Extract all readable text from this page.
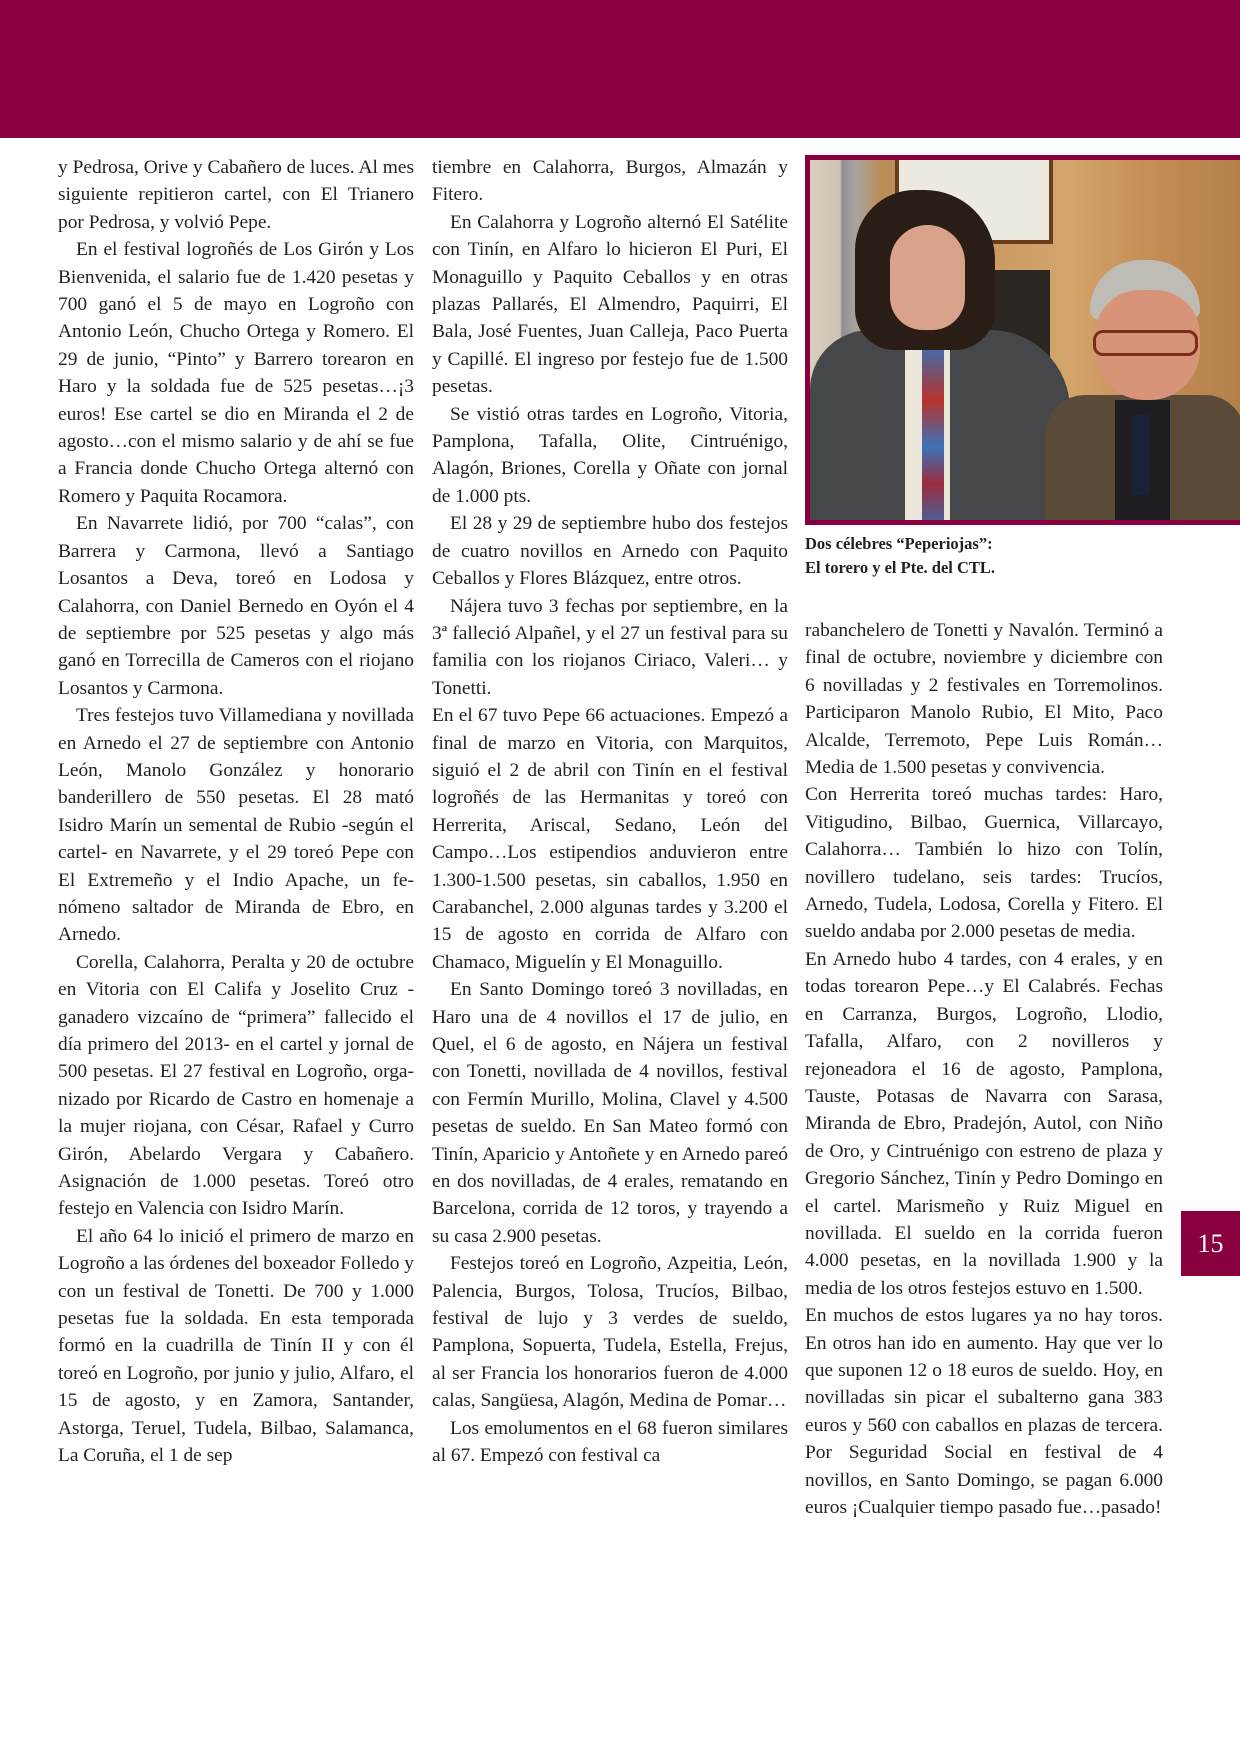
y Pedrosa, Orive y Cabañero de luces. Al mes siguiente repitieron cartel, con El Trianero por Pedrosa, y volvió Pepe.

En el festival logroñés de Los Girón y Los Bienvenida, el salario fue de 1.420 pesetas y 700 ganó el 5 de mayo en Logroño con Antonio León, Chucho Ortega y Romero. El 29 de junio, “Pinto” y Barrero torearon en Haro y la soldada fue de 525 pesetas…¡3 euros! Ese cartel se dio en Miranda el 2 de agosto…con el mismo salario y de ahí se fue a Francia donde Chucho Ortega alternó con Romero y Paquita Rocamora.

En Navarrete lidió, por 700 “calas”, con Barrera y Carmona, llevó a Santiago Losantos a Deva, toreó en Lodosa y Calahorra, con Daniel Bernedo en Oyón el 4 de septiembre por 525 pesetas y algo más ganó en Torrecilla de Cameros con el riojano Losantos y Carmona.

Tres festejos tuvo Villamediana y novillada en Arnedo el 27 de septiembre con Antonio León, Manolo González y honorario banderillero de 550 pesetas. El 28 mató Isidro Marín un semental de Rubio -según el cartel- en Navarrete, y el 29 toreó Pepe con El Extremeño y el Indio Apache, un fenómeno saltador de Miranda de Ebro, en Arnedo.

Corella, Calahorra, Peralta y 20 de octubre en Vitoria con El Califa y Joselito Cruz -ganadero vizcaíno de “primera” fallecido el día primero del 2013- en el cartel y jornal de 500 pesetas. El 27 festival en Logroño, organizado por Ricardo de Castro en homenaje a la mujer riojana, con César, Rafael y Curro Girón, Abelardo Vergara y Cabañero. Asignación de 1.000 pesetas. Toreó otro festejo en Valencia con Isidro Marín.

El año 64 lo inició el primero de marzo en Logroño a las órdenes del boxeador Folledo y con un festival de Tonetti. De 700 y 1.000 pesetas fue la soldada. En esta temporada formó en la cuadrilla de Tinín II y con él toreó en Logroño, por junio y julio, Alfaro, el 15 de agosto, y en Zamora, Santander, Astorga, Teruel, Tudela, Bilbao, Salamanca, La Coruña, el 1 de sep

tiembre en Calahorra, Burgos, Almazán y Fitero.

En Calahorra y Logroño alternó El Satélite con Tinín, en Alfaro lo hicieron El Puri, El Monaguillo y Paquito Ceballos y en otras plazas Pallarés, El Almendro, Paquirri, El Bala, José Fuentes, Juan Calleja, Paco Puerta y Capillé. El ingreso por festejo fue de 1.500 pesetas.

Se vistió otras tardes en Logroño, Vitoria, Pamplona, Tafalla, Olite, Cintruénigo, Alagón, Briones, Corella y Oñate con jornal de 1.000 pts.

El 28 y 29 de septiembre hubo dos festejos de cuatro novillos en Arnedo con Paquito Ceballos y Flores Blázquez, entre otros.

Nájera tuvo 3 fechas por septiembre, en la 3ª falleció Alpañel, y el 27 un festival para su familia con los riojanos Ciriaco, Valeri… y Tonetti.

En el 67 tuvo Pepe 66 actuaciones. Empezó a final de marzo en Vitoria, con Marquitos, siguió el 2 de abril con Tinín en el festival logroñés de las Hermanitas y toreó con Herrerita, Ariscal, Sedano, León del Campo…Los estipendios anduvieron entre 1.300-1.500 pesetas, sin caballos, 1.950 en Carabanchel, 2.000 algunas tardes y 3.200 el 15 de agosto en corrida de Alfaro con Chamaco, Miguelín y El Monaguillo.

En Santo Domingo toreó 3 novilladas, en Haro una de 4 novillos el 17 de julio, en Quel, el 6 de agosto, en Nájera un festival con Tonetti, novillada de 4 novillos, festival con Fermín Murillo, Molina, Clavel y 4.500 pesetas de sueldo. En San Mateo formó con Tinín, Aparicio y Antoñete y en Arnedo pareó en dos novilladas, de 4 erales, rematando en Barcelona, corrida de 12 toros, y trayendo a su casa 2.900 pesetas.

Festejos toreó en Logroño, Azpeitia, León, Palencia, Burgos, Tolosa, Trucíos, Bilbao, festival de lujo y 3 verdes de sueldo, Pamplona, Sopuerta, Tudela, Estella, Frejus, al ser Francia los honorarios fueron de 4.000 calas, Sangüesa, Alagón, Medina de Pomar…

Los emolumentos en el 68 fueron similares al 67. Empezó con festival ca

Dos célebres “Peperiojas”:
El torero y el Pte. del CTL.

rabanchelero de Tonetti y Navalón. Terminó a final de octubre, noviembre y diciembre con 6 novilladas y 2 festivales en Torremolinos. Participaron Manolo Rubio, El Mito, Paco Alcalde, Terremoto, Pepe Luis Román…Media de 1.500 pesetas y convivencia.

Con Herrerita toreó muchas tardes: Haro, Vitigudino, Bilbao, Guernica, Villarcayo, Calahorra… También lo hizo con Tolín, novillero tudelano, seis tardes: Trucíos, Arnedo, Tudela, Lodosa, Corella y Fitero. El sueldo andaba por 2.000 pesetas de media.

En Arnedo hubo 4 tardes, con 4 erales, y en todas torearon Pepe…y El Calabrés. Fechas en Carranza, Burgos, Logroño, Llodio, Tafalla, Alfaro, con 2 novilleros y rejoneadora el 16 de agosto, Pamplona, Tauste, Potasas de Navarra con Sarasa, Miranda de Ebro, Pradejón, Autol, con Niño de Oro, y Cintruénigo con estreno de plaza y Gregorio Sánchez, Tinín y Pedro Domingo en el cartel. Marismeño y Ruiz Miguel en novillada. El sueldo en la corrida fueron 4.000 pesetas, en la novillada 1.900 y la media de los otros festejos estuvo en 1.500.

En muchos de estos lugares ya no hay toros. En otros han ido en aumento. Hay que ver lo que suponen 12 o 18 euros de sueldo. Hoy, en novilladas sin picar el subalterno gana 383 euros y 560 con caballos en plazas de tercera. Por Seguridad Social en festival de 4 novillos, en Santo Domingo, se pagan 6.000 euros ¡Cualquier tiempo pasado fue…pasado!

15
